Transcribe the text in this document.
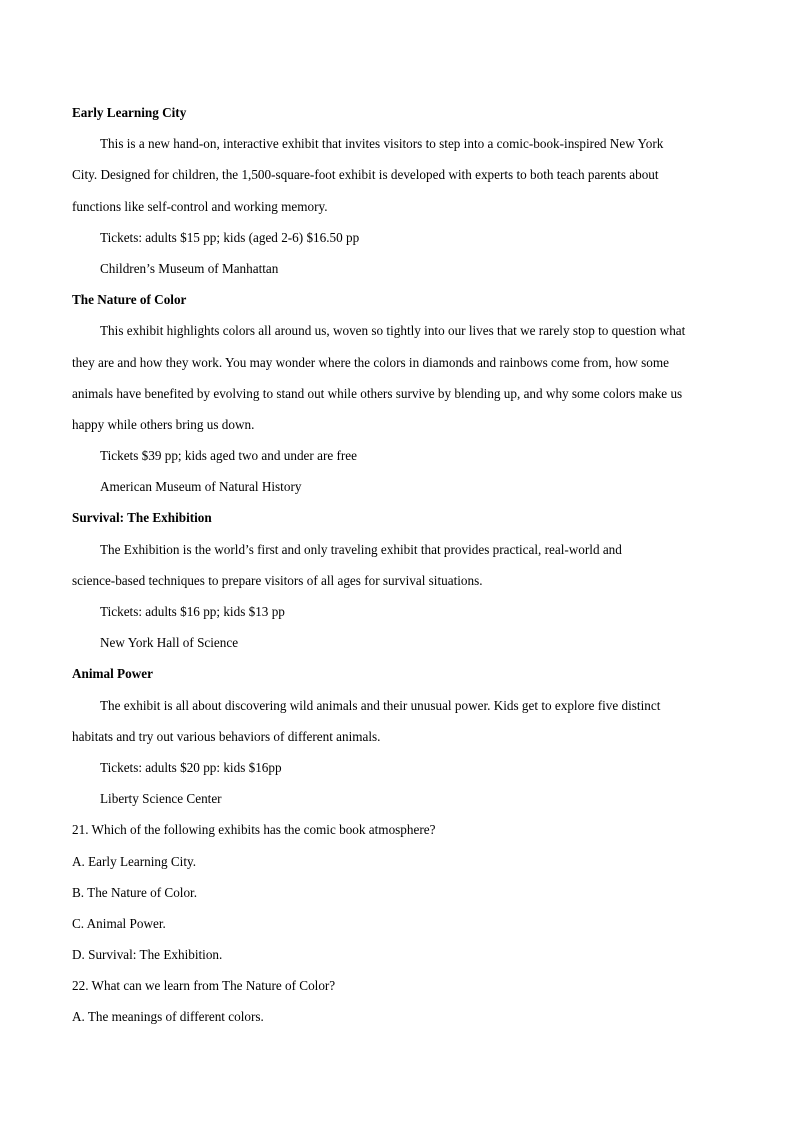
Early Learning City
This is a new hand-on, interactive exhibit that invites visitors to step into a comic-book-inspired New York
City. Designed for children, the 1,500-square-foot exhibit is developed with experts to both teach parents about
functions like self-control and working memory.
Tickets: adults $15 pp; kids (aged 2-6) $16.50 pp
Children’s Museum of Manhattan
The Nature of Color
This exhibit highlights colors all around us, woven so tightly into our lives that we rarely stop to question what
they are and how they work. You may wonder where the colors in diamonds and rainbows come from, how some
animals have benefited by evolving to stand out while others survive by blending up, and why some colors make us
happy while others bring us down.
Tickets $39 pp; kids aged two and under are free
American Museum of Natural History
Survival: The Exhibition
The Exhibition is the world’s first and only traveling exhibit that provides practical, real-world and
science-based techniques to prepare visitors of all ages for survival situations.
Tickets: adults $16 pp; kids $13 pp
New York Hall of Science
Animal Power
The exhibit is all about discovering wild animals and their unusual power. Kids get to explore five distinct
habitats and try out various behaviors of different animals.
Tickets: adults $20 pp: kids $16pp
Liberty Science Center
21. Which of the following exhibits has the comic book atmosphere?
A. Early Learning City.
B. The Nature of Color.
C. Animal Power.
D. Survival: The Exhibition.
22. What can we learn from The Nature of Color?
A. The meanings of different colors.
